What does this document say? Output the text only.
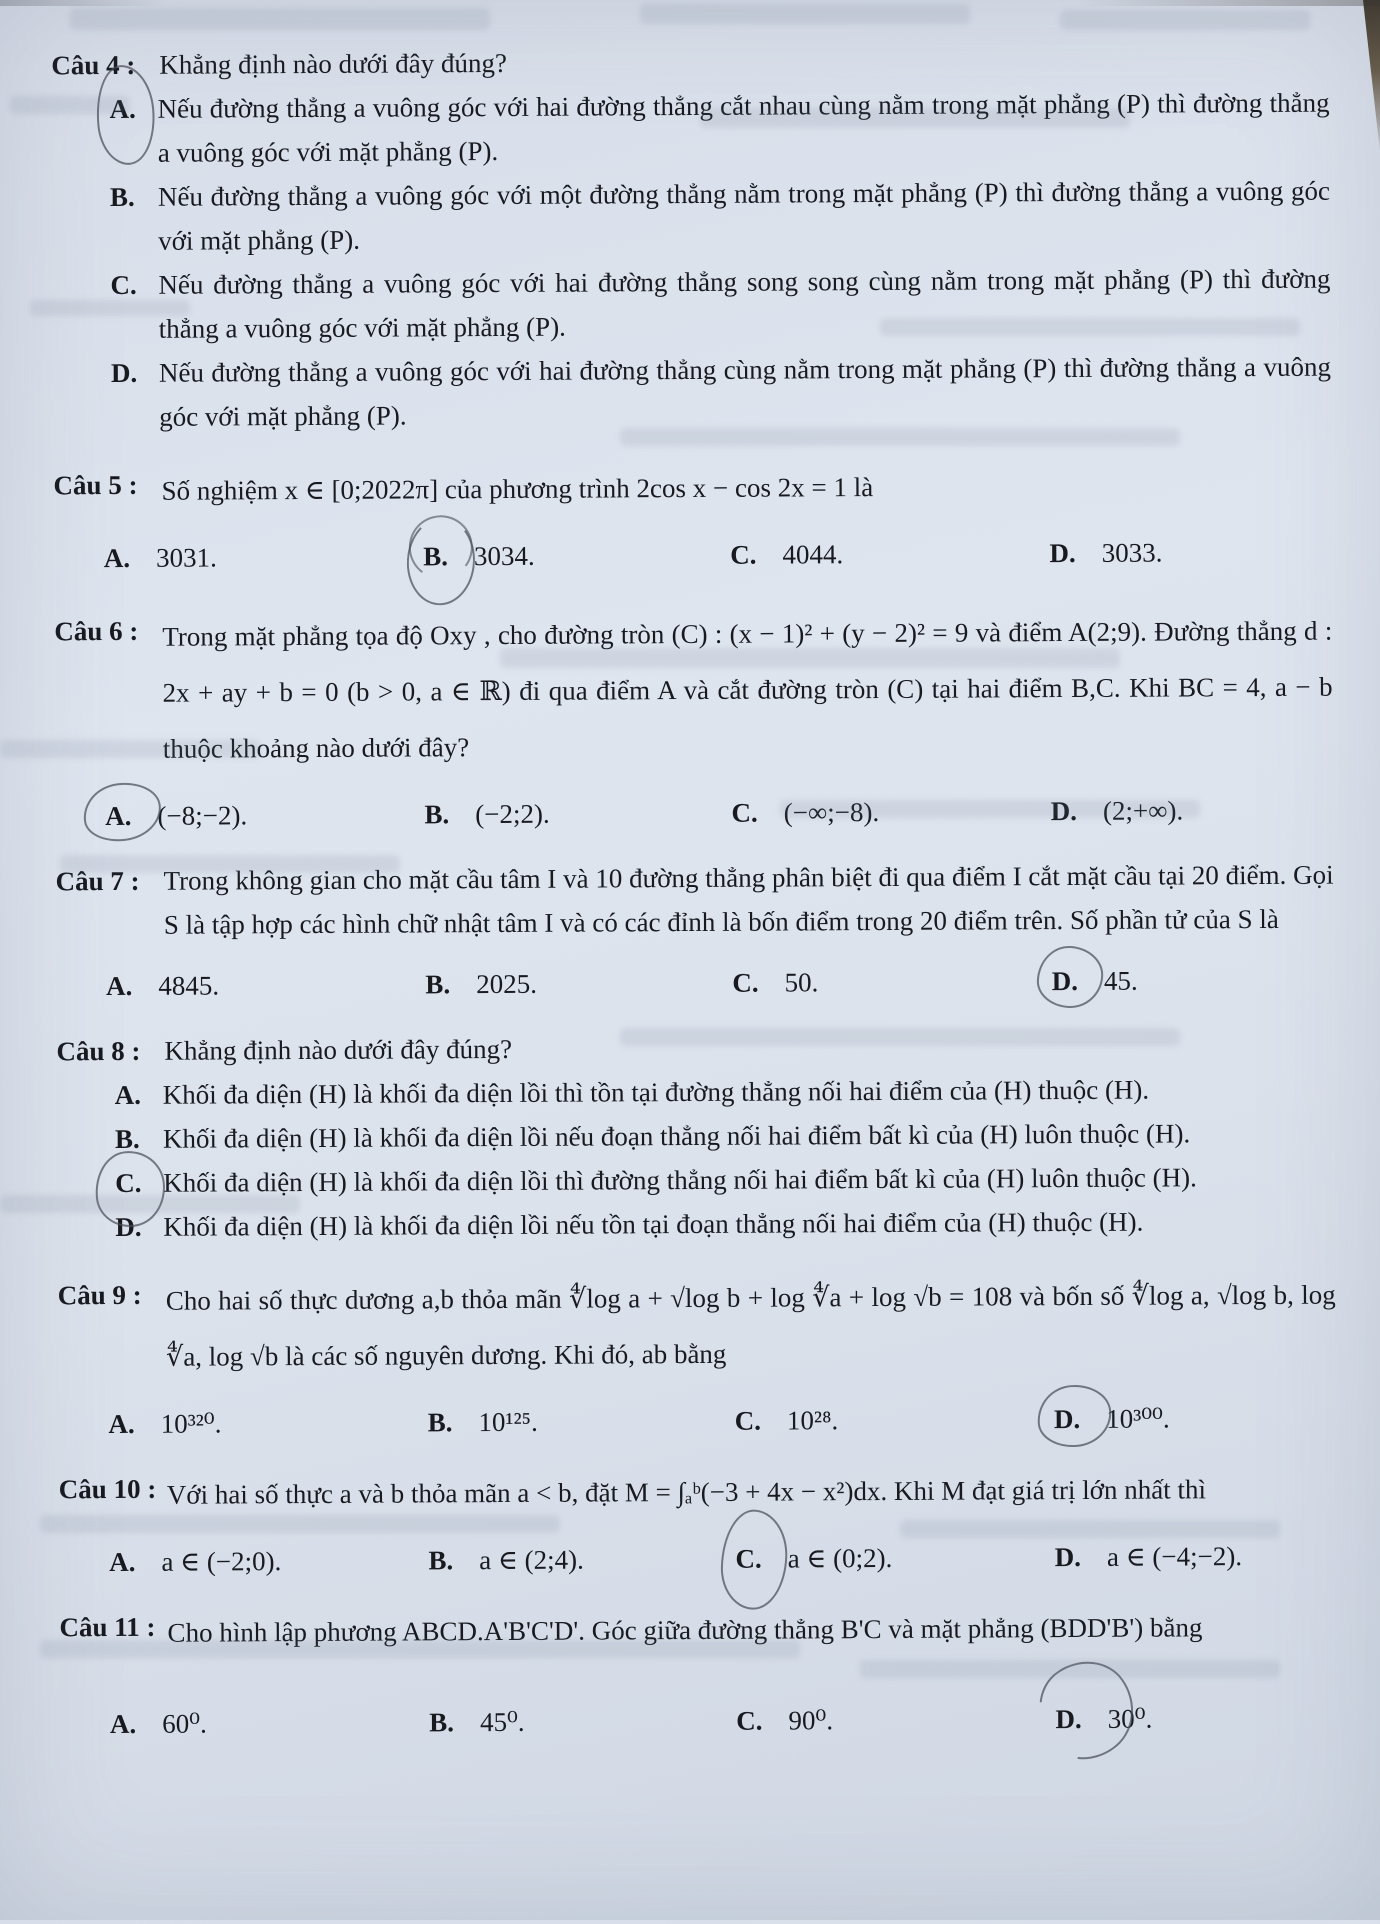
Câu 4 : Khẳng định nào dưới đây đúng?
A. Nếu đường thẳng a vuông góc với hai đường thẳng cắt nhau cùng nằm trong mặt phẳng (P) thì đường thẳng a vuông góc với mặt phẳng (P).
B. Nếu đường thẳng a vuông góc với một đường thẳng nằm trong mặt phẳng (P) thì đường thẳng a vuông góc với mặt phẳng (P).
C. Nếu đường thẳng a vuông góc với hai đường thẳng song song cùng nằm trong mặt phẳng (P) thì đường thẳng a vuông góc với mặt phẳng (P).
D. Nếu đường thẳng a vuông góc với hai đường thẳng cùng nằm trong mặt phẳng (P) thì đường thẳng a vuông góc với mặt phẳng (P).
Câu 5 : Số nghiệm x ∈ [0;2022π] của phương trình 2cos x − cos 2x = 1 là
A. 3031.	B. 3034.	C. 4044.	D. 3033.
Câu 6 : Trong mặt phẳng tọa độ Oxy , cho đường tròn (C) : (x − 1)² + (y − 2)² = 9 và điểm A(2;9). Đường thẳng d : 2x + ay + b = 0 (b > 0, a ∈ ℝ) đi qua điểm A và cắt đường tròn (C) tại hai điểm B,C. Khi BC = 4, a − b thuộc khoảng nào dưới đây?
A. (−8;−2).	B. (−2;2).	C. (−∞;−8).	D. (2;+∞).
Câu 7 : Trong không gian cho mặt cầu tâm I và 10 đường thẳng phân biệt đi qua điểm I cắt mặt cầu tại 20 điểm. Gọi S là tập hợp các hình chữ nhật tâm I và có các đỉnh là bốn điểm trong 20 điểm trên. Số phần tử của S là
A. 4845.	B. 2025.	C. 50.	D. 45.
Câu 8 : Khẳng định nào dưới đây đúng?
A. Khối đa diện (H) là khối đa diện lồi thì tồn tại đường thẳng nối hai điểm của (H) thuộc (H).
B. Khối đa diện (H) là khối đa diện lồi nếu đoạn thẳng nối hai điểm bất kì của (H) luôn thuộc (H).
C. Khối đa diện (H) là khối đa diện lồi thì đường thẳng nối hai điểm bất kì của (H) luôn thuộc (H).
D. Khối đa diện (H) là khối đa diện lồi nếu tồn tại đoạn thẳng nối hai điểm của (H) thuộc (H).
Câu 9 : Cho hai số thực dương a,b thỏa mãn ∜log a + √log b + log ∜a + log √b = 108 và bốn số ∜log a, √log b, log ∜a, log √b là các số nguyên dương. Khi đó, ab bằng
A. 10³²⁰.	B. 10¹²⁵.	C. 10²⁸.	D. 10³⁰⁰.
Câu 10 : Với hai số thực a và b thỏa mãn a < b, đặt M = ∫ₐᵇ(−3 + 4x − x²)dx. Khi M đạt giá trị lớn nhất thì
A. a ∈ (−2;0).	B. a ∈ (2;4).	C. a ∈ (0;2).	D. a ∈ (−4;−2).
Câu 11 : Cho hình lập phương ABCD.A'B'C'D'. Góc giữa đường thẳng B'C và mặt phẳng (BDD'B') bằng
A. 60⁰.	B. 45⁰.	C. 90⁰.	D. 30⁰.
